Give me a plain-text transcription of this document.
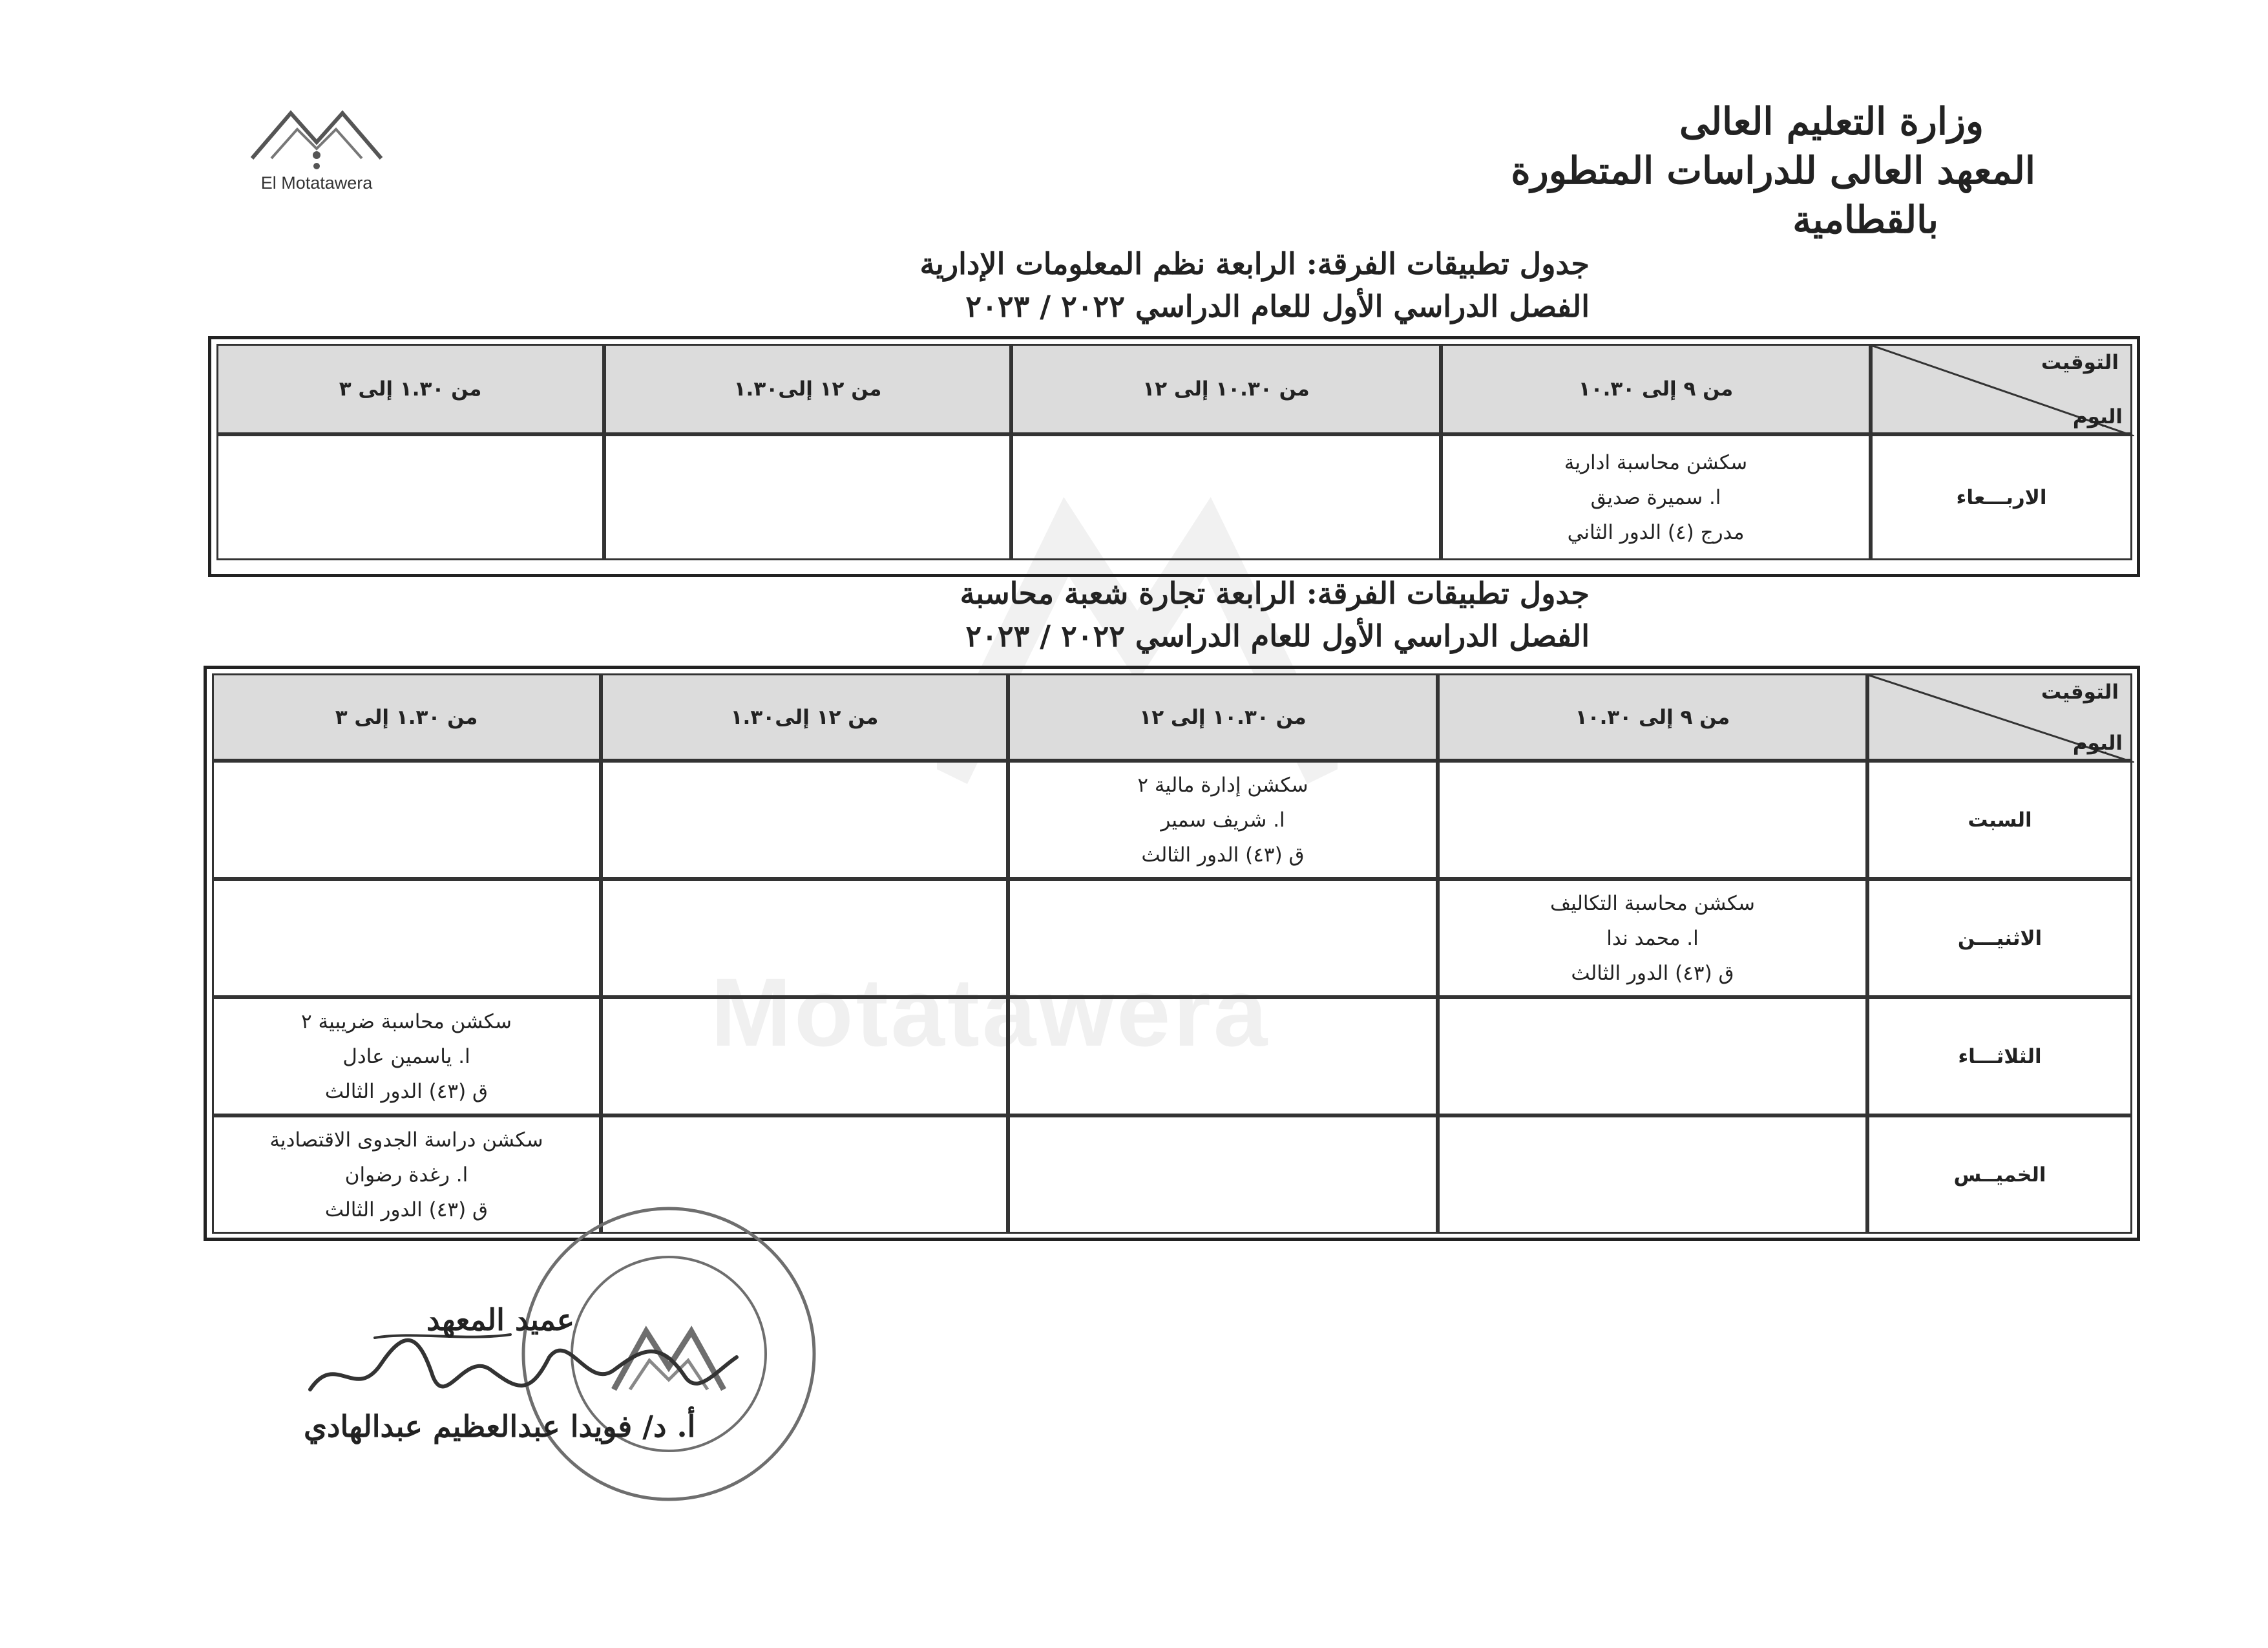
El Motatawera
وزارة التعليم العالى
المعهد العالى للدراسات المتطورة
بالقطامية
Motatawera
جدول تطبيقات الفرقة: الرابعة نظم المعلومات الإدارية
الفصل الدراسي الأول للعام الدراسي ٢٠٢٢ / ٢٠٢٣
التوقيت
اليوم	من ٩ إلى ١٠.٣٠	من ١٠.٣٠ إلى ١٢	من ١٢ إلى١.٣٠	من ١.٣٠ إلى ٣
الاربـــعاء	سكشن محاسبة ادارية
ا. سميرة صديق
مدرج (٤) الدور الثاني			

جدول تطبيقات الفرقة: الرابعة تجارة شعبة محاسبة
الفصل الدراسي الأول للعام الدراسي ٢٠٢٢ / ٢٠٢٣
التوقيت
اليوم	من ٩ إلى ١٠.٣٠	من ١٠.٣٠ إلى ١٢	من ١٢ إلى١.٣٠	من ١.٣٠ إلى ٣
السبت		سكشن إدارة مالية ٢
ا. شريف سمير
ق (٤٣) الدور الثالث		

الاثنيـــن	سكشن محاسبة التكاليف
ا. محمد ندا
ق (٤٣) الدور الثالث			

الثلاثـــاء				سكشن محاسبة ضريبية ٢
ا. ياسمين عادل
ق (٤٣) الدور الثالث

الخميــس				سكشن دراسة الجدوى الاقتصادية
ا. رغدة رضوان
ق (٤٣) الدور الثالث
عميد المعهد
أ. د/ فويدا عبدالعظيم عبدالهادي
